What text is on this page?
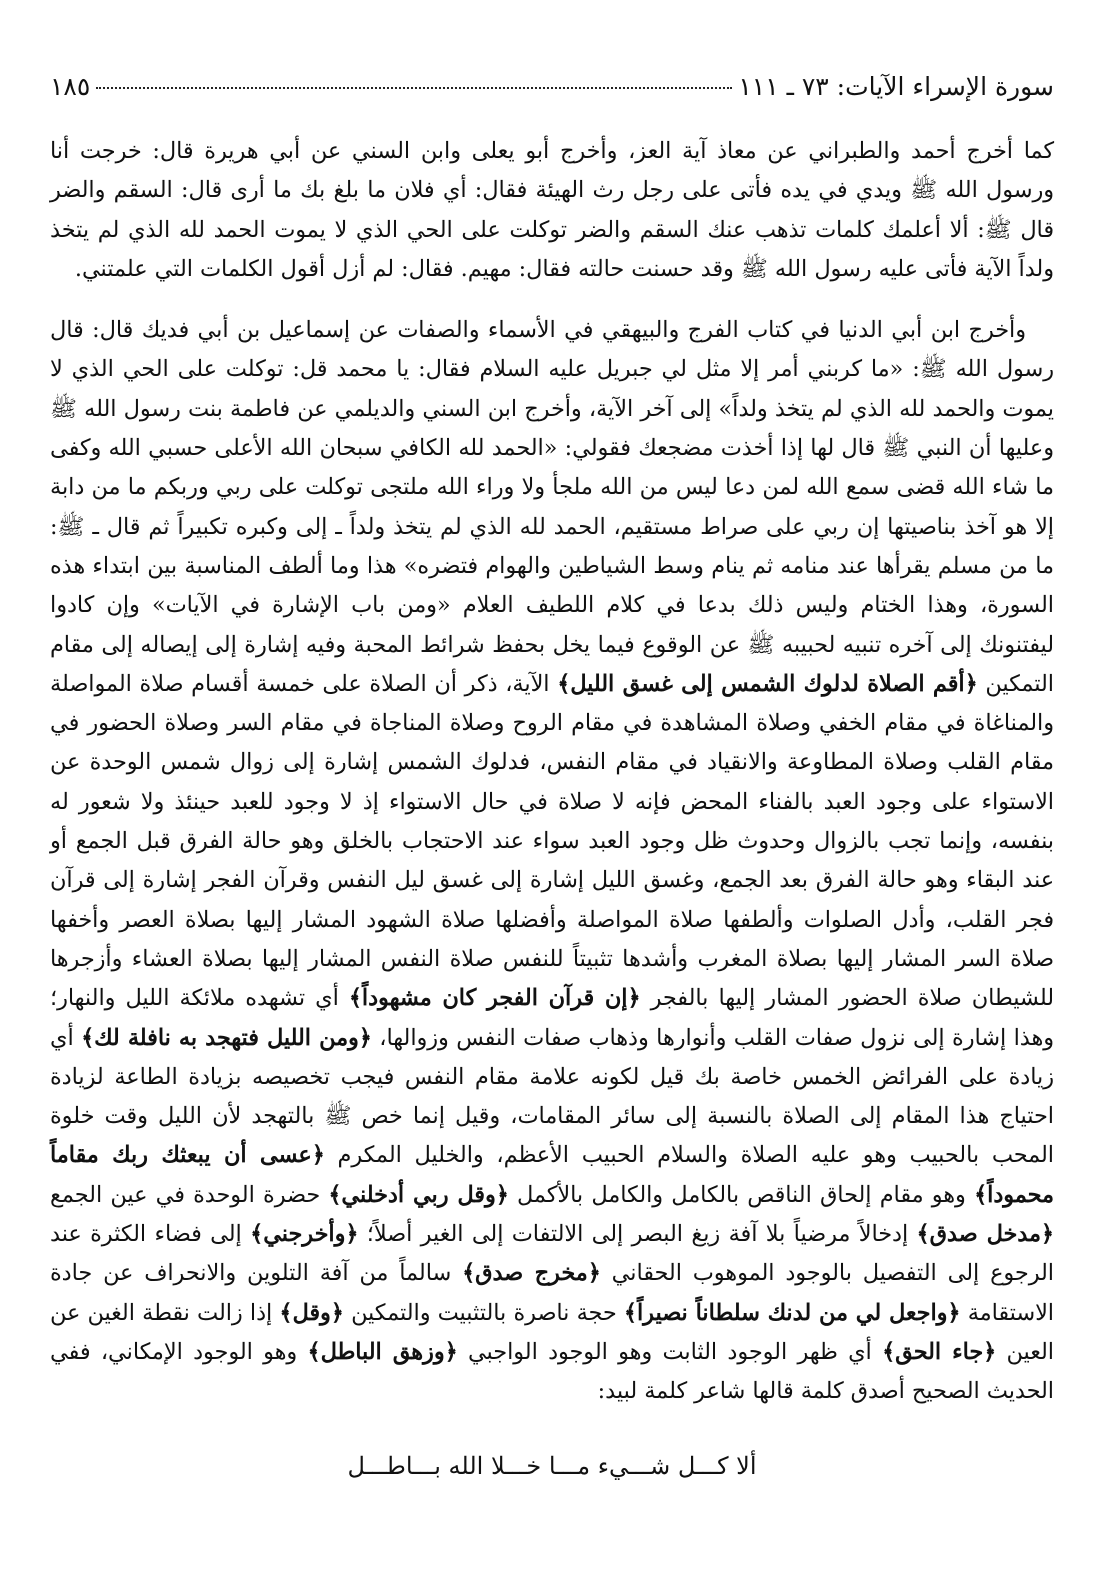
سورة الإسراء الآيات: ٧٣ ـ ١١١
١٨٥

كما أخرج أحمد والطبراني عن معاذ آية العز، وأخرج أبو يعلى وابن السني عن أبي هريرة قال: خرجت أنا ورسول الله ﷺ ويدي في يده فأتى على رجل رث الهيئة فقال: أي فلان ما بلغ بك ما أرى قال: السقم والضر قال ﷺ: ألا أعلمك كلمات تذهب عنك السقم والضر توكلت على الحي الذي لا يموت الحمد لله الذي لم يتخذ ولداً الآية فأتى عليه رسول الله ﷺ وقد حسنت حالته فقال: مهيم. فقال: لم أزل أقول الكلمات التي علمتني.

وأخرج ابن أبي الدنيا في كتاب الفرج والبيهقي في الأسماء والصفات عن إسماعيل بن أبي فديك قال: قال رسول الله ﷺ: «ما كربني أمر إلا مثل لي جبريل عليه السلام فقال: يا محمد قل: توكلت على الحي الذي لا يموت والحمد لله الذي لم يتخذ ولداً» إلى آخر الآية، وأخرج ابن السني والديلمي عن فاطمة بنت رسول الله ﷺ وعليها أن النبي ﷺ قال لها إذا أخذت مضجعك فقولي: «الحمد لله الكافي سبحان الله الأعلى حسبي الله وكفى ما شاء الله قضى سمع الله لمن دعا ليس من الله ملجأ ولا وراء الله ملتجى توكلت على ربي وربكم ما من دابة إلا هو آخذ بناصيتها إن ربي على صراط مستقيم، الحمد لله الذي لم يتخذ ولداً ـ إلى وكبره تكبيراً ثم قال ـ ﷺ: ما من مسلم يقرأها عند منامه ثم ينام وسط الشياطين والهوام فتضره» هذا وما ألطف المناسبة بين ابتداء هذه السورة، وهذا الختام وليس ذلك بدعا في كلام اللطيف العلام «ومن باب الإشارة في الآيات» وإن كادوا ليفتنونك إلى آخره تنبيه لحبيبه ﷺ عن الوقوع فيما يخل بحفظ شرائط المحبة وفيه إشارة إلى إيصاله إلى مقام التمكين ﴿أقم الصلاة لدلوك الشمس إلى غسق الليل﴾ الآية، ذكر أن الصلاة على خمسة أقسام صلاة المواصلة والمناغاة في مقام الخفي وصلاة المشاهدة في مقام الروح وصلاة المناجاة في مقام السر وصلاة الحضور في مقام القلب وصلاة المطاوعة والانقياد في مقام النفس، فدلوك الشمس إشارة إلى زوال شمس الوحدة عن الاستواء على وجود العبد بالفناء المحض فإنه لا صلاة في حال الاستواء إذ لا وجود للعبد حينئذ ولا شعور له بنفسه، وإنما تجب بالزوال وحدوث ظل وجود العبد سواء عند الاحتجاب بالخلق وهو حالة الفرق قبل الجمع أو عند البقاء وهو حالة الفرق بعد الجمع، وغسق الليل إشارة إلى غسق ليل النفس وقرآن الفجر إشارة إلى قرآن فجر القلب، وأدل الصلوات وألطفها صلاة المواصلة وأفضلها صلاة الشهود المشار إليها بصلاة العصر وأخفها صلاة السر المشار إليها بصلاة المغرب وأشدها تثبيتاً للنفس صلاة النفس المشار إليها بصلاة العشاء وأزجرها للشيطان صلاة الحضور المشار إليها بالفجر ﴿إن قرآن الفجر كان مشهوداً﴾ أي تشهده ملائكة الليل والنهار؛ وهذا إشارة إلى نزول صفات القلب وأنوارها وذهاب صفات النفس وزوالها، ﴿ومن الليل فتهجد به نافلة لك﴾ أي زيادة على الفرائض الخمس خاصة بك قيل لكونه علامة مقام النفس فيجب تخصيصه بزيادة الطاعة لزيادة احتياج هذا المقام إلى الصلاة بالنسبة إلى سائر المقامات، وقيل إنما خص ﷺ بالتهجد لأن الليل وقت خلوة المحب بالحبيب وهو عليه الصلاة والسلام الحبيب الأعظم، والخليل المكرم ﴿عسى أن يبعثك ربك مقاماً محموداً﴾ وهو مقام إلحاق الناقص بالكامل والكامل بالأكمل ﴿وقل ربي أدخلني﴾ حضرة الوحدة في عين الجمع ﴿مدخل صدق﴾ إدخالاً مرضياً بلا آفة زيغ البصر إلى الالتفات إلى الغير أصلاً؛ ﴿وأخرجني﴾ إلى فضاء الكثرة عند الرجوع إلى التفصيل بالوجود الموهوب الحقاني ﴿مخرج صدق﴾ سالماً من آفة التلوين والانحراف عن جادة الاستقامة ﴿واجعل لي من لدنك سلطاناً نصيراً﴾ حجة ناصرة بالتثبيت والتمكين ﴿وقل﴾ إذا زالت نقطة الغين عن العين ﴿جاء الحق﴾ أي ظهر الوجود الثابت وهو الوجود الواجبي ﴿وزهق الباطل﴾ وهو الوجود الإمكاني، ففي الحديث الصحيح أصدق كلمة قالها شاعر كلمة لبيد:

ألا كـــل شـــيء مـــا خـــلا الله بـــاطـــل
